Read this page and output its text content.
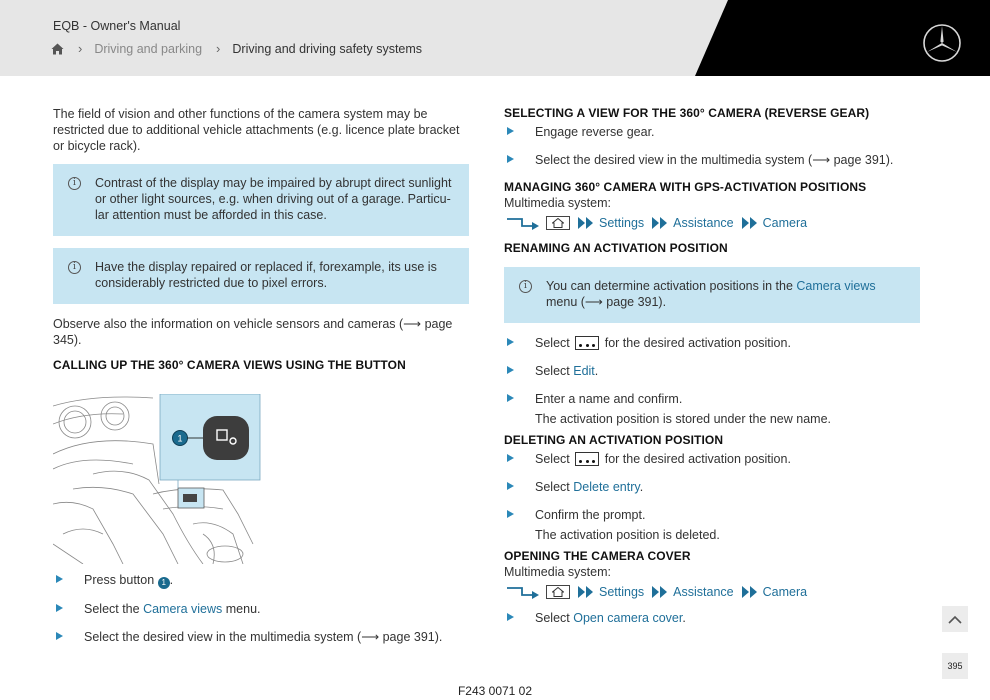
EQB - Owner's Manual
› Driving and parking › Driving and driving safety systems

The field of vision and other functions of the camera system may be restricted due to additional vehicle attachments (e.g. licence plate bracket or bicycle rack).

i	Contrast of the display may be impaired by abrupt direct sunlight or other light sources, e.g. when driving out of a garage. Particu-lar attention must be afforded in this case.
i	Have the display repaired or replaced if, forexample, its use is considerably restricted due to pixel errors.

Observe also the information on vehicle sensors and cameras (⟶ page 345).

CALLING UP THE 360° CAMERA VIEWS USING THE BUTTON
1
Press button 1 .
Select the Camera views menu.
Select the desired view in the multimedia system (⟶ page 391).
SELECTING A VIEW FOR THE 360° CAMERA (REVERSE GEAR)
Engage reverse gear.
Select the desired view in the multimedia system (⟶ page 391).
MANAGING 360° CAMERA WITH GPS-ACTIVATION POSITIONS
Multimedia system:
Settings Assistance Camera
RENAMING AN ACTIVATION POSITION
i	You can determine activation positions in the Camera views menu (⟶ page 391).
Select	for the desired activation position.
Select Edit.
Enter a name and confirm.
The activation position is stored under the new name.
DELETING AN ACTIVATION POSITION
Select	for the desired activation position.
Select Delete entry.
Confirm the prompt.
The activation position is deleted.
OPENING THE CAMERA COVER
Multimedia system:
Settings Assistance Camera
Select Open camera cover.
395
F243 0071 02
